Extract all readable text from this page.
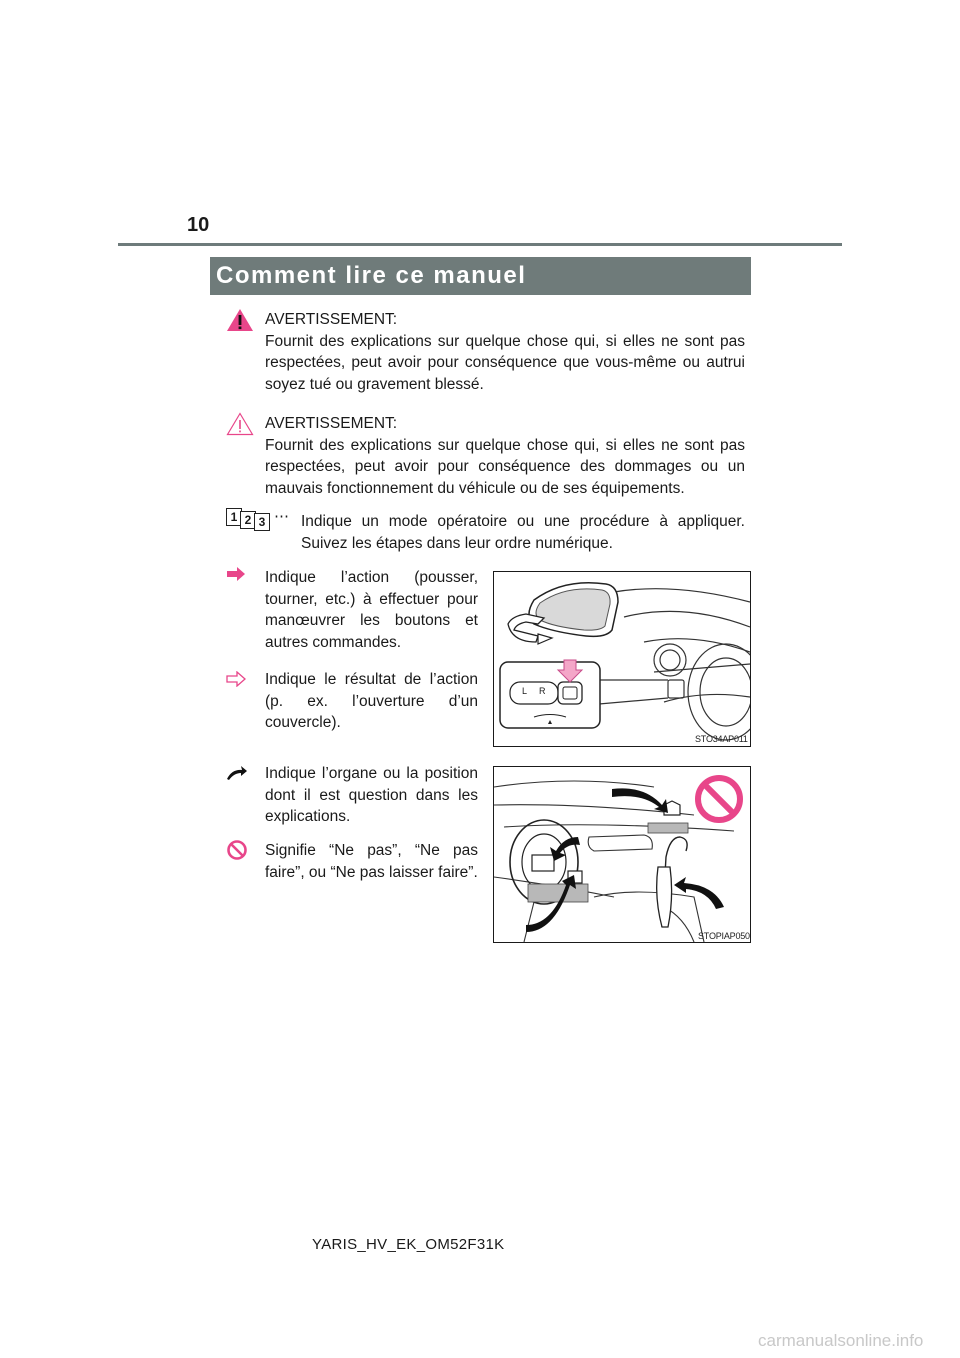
10
Comment lire ce manuel
AVERTISSEMENT:
Fournit des explications sur quelque chose qui, si elles ne sont pas respectées, peut avoir pour conséquence que vous-même ou autrui soyez tué ou gravement blessé.
AVERTISSEMENT:
Fournit des explications sur quelque chose qui, si elles ne sont pas respectées, peut avoir pour conséquence des dommages ou un mauvais fonctionnement du véhicule ou de ses équipements.
1 2 3 ⋯ Indique un mode opératoire ou une procédure à appliquer. Suivez les étapes dans leur ordre numérique.
Indique l’action (pousser, tourner, etc.) à effectuer pour manœuvrer les boutons et autres commandes.
Indique le résultat de l’action (p. ex. l’ouverture d’un couvercle).
L R
STO34AP011
Indique l’organe ou la position dont il est question dans les explications.
Signifie “Ne pas”, “Ne pas faire”, ou “Ne pas laisser faire”.
STOPIAP050
YARIS_HV_EK_OM52F31K
carmanualsonline.info
